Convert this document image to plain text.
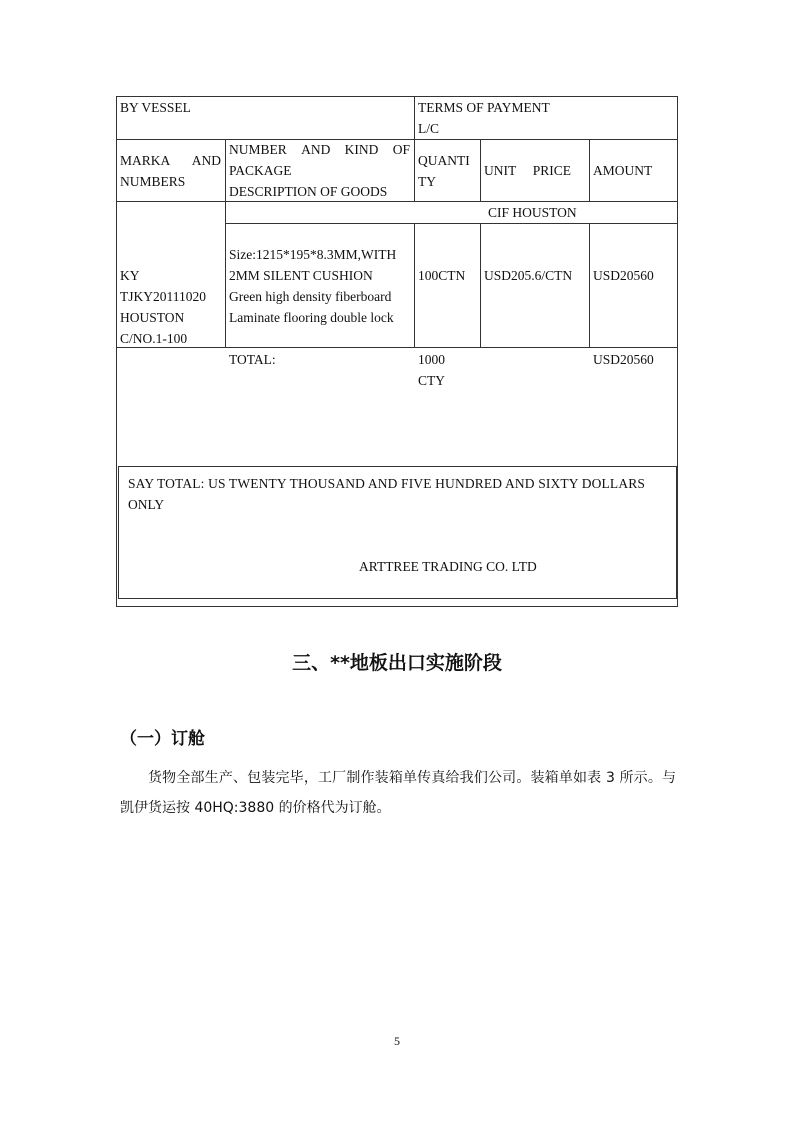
BY VESSEL	TERMS OF PAYMENT
L/C
MARKA AND
NUMBERS
NUMBER AND KIND OF
PACKAGE
DESCRIPTION OF GOODS
QUANTI
TY
UNIT PRICE AMOUNT
CIF HOUSTON
KY
TJKY20111020
HOUSTON
C/NO.1-100
Size:1215*195*8.3MM,WITH
2MM SILENT CUSHION
Green high density fiberboard
Laminate flooring double lock
100CTN USD205.6/CTN USD20560
TOTAL:	1000
CTY
USD20560
SAY TOTAL: US TWENTY THOUSAND AND FIVE HUNDRED AND SIXTY DOLLARS
ONLY
ARTTREE TRADING CO. LTD
三、**地板出口实施阶段
（一）订舱

货物全部生产、包装完毕，工厂制作装箱单传真给我们公司。装箱单如表 3 所示。与凯伊货运按 40HQ:3880 的价格代为订舱。

5
